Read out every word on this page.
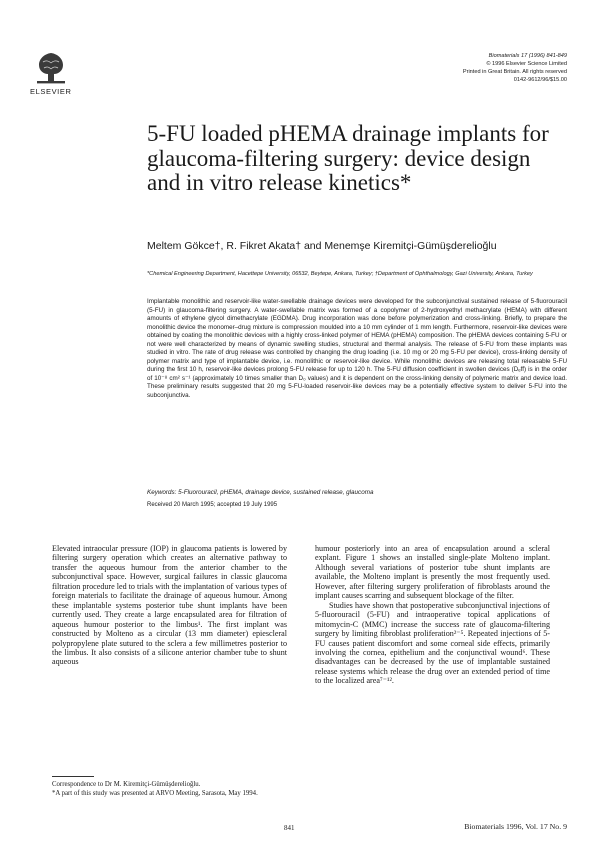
ELSEVIER
Biomaterials 17 (1996) 841-849
© 1996 Elsevier Science Limited
Printed in Great Britain. All rights reserved
0142-9612/96/$15.00
5-FU loaded pHEMA drainage implants for glaucoma-filtering surgery: device design and in vitro release kinetics*
Meltem Gökce†, R. Fikret Akata† and Menemşe Kiremitçi-Gümüşderelioğlu
*Chemical Engineering Department, Hacettepe University, 06532, Beytepe, Ankara, Turkey; †Department of Ophthalmology, Gazi University, Ankara, Turkey

Implantable monolithic and reservoir-like water-swellable drainage devices were developed for the subconjunctival sustained release of 5-fluorouracil (5-FU) in glaucoma-filtering surgery. A water-swellable matrix was formed of a copolymer of 2-hydroxyethyl methacrylate (HEMA) with different amounts of ethylene glycol dimethacrylate (EGDMA). Drug incorporation was done before polymerization and cross-linking. Briefly, to prepare the monolithic device the monomer–drug mixture is compression moulded into a 10 mm cylinder of 1 mm length. Furthermore, reservoir-like devices were obtained by coating the monolithic devices with a highly cross-linked polymer of HEMA (pHEMA) composition. The pHEMA devices containing 5-FU or not were well characterized by means of dynamic swelling studies, structural and thermal analysis. The release of 5-FU from these implants was studied in vitro. The rate of drug release was controlled by changing the drug loading (i.e. 10 mg or 20 mg 5-FU per device), cross-linking density of polymer matrix and type of implantable device, i.e. monolithic or reservoir-like device. While monolithic devices are releasing total releasable 5-FU during the first 10 h, reservoir-like devices prolong 5-FU release for up to 120 h. The 5-FU diffusion coefficient in swollen devices (Dₑff) is in the order of 10⁻⁸ cm² s⁻¹ (approximately 10 times smaller than D₀ values) and it is dependent on the cross-linking density of polymeric matrix and device load. These preliminary results suggested that 20 mg 5-FU-loaded reservoir-like devices may be a potentially effective system to deliver 5-FU into the subconjunctiva.

Keywords: 5-Fluorouracil, pHEMA, drainage device, sustained release, glaucoma
Received 20 March 1995; accepted 19 July 1995

Elevated intraocular pressure (IOP) in glaucoma patients is lowered by filtering surgery operation which creates an alternative pathway to transfer the aqueous humour from the anterior chamber to the subconjunctival space. However, surgical failures in classic glaucoma filtration procedure led to trials with the implantation of various types of foreign materials to facilitate the drainage of aqueous humour. Among these implantable systems posterior tube shunt implants have been currently used. They create a large encapsulated area for filtration of aqueous humour posterior to the limbus¹. The first implant was constructed by Molteno as a circular (13 mm diameter) epiescleral polypropylene plate sutured to the sclera a few millimetres posterior to the limbus. It also consists of a silicone anterior chamber tube to shunt aqueous

humour posteriorly into an area of encapsulation around a scleral explant. Figure 1 shows an installed single-plate Molteno implant. Although several variations of posterior tube shunt implants are available, the Molteno implant is presently the most frequently used. However, after filtering surgery proliferation of fibroblasts around the implant causes scarring and subsequent blockage of the filter.

Studies have shown that postoperative subconjunctival injections of 5-fluorouracil (5-FU) and intraoperative topical applications of mitomycin-C (MMC) increase the success rate of glaucoma-filtering surgery by limiting fibroblast proliferation²⁻⁵. Repeated injections of 5-FU causes patient discomfort and some corneal side effects, primarily involving the cornea, epithelium and the conjunctival wound⁶. These disadvantages can be decreased by the use of implantable sustained release systems which release the drug over an extended period of time to the localized area⁷⁻¹².

Correspondence to Dr M. Kiremitçi-Gümüşderelioğlu.
*A part of this study was presented at ARVO Meeting, Sarasota, May 1994.
841	Biomaterials 1996, Vol. 17 No. 9
